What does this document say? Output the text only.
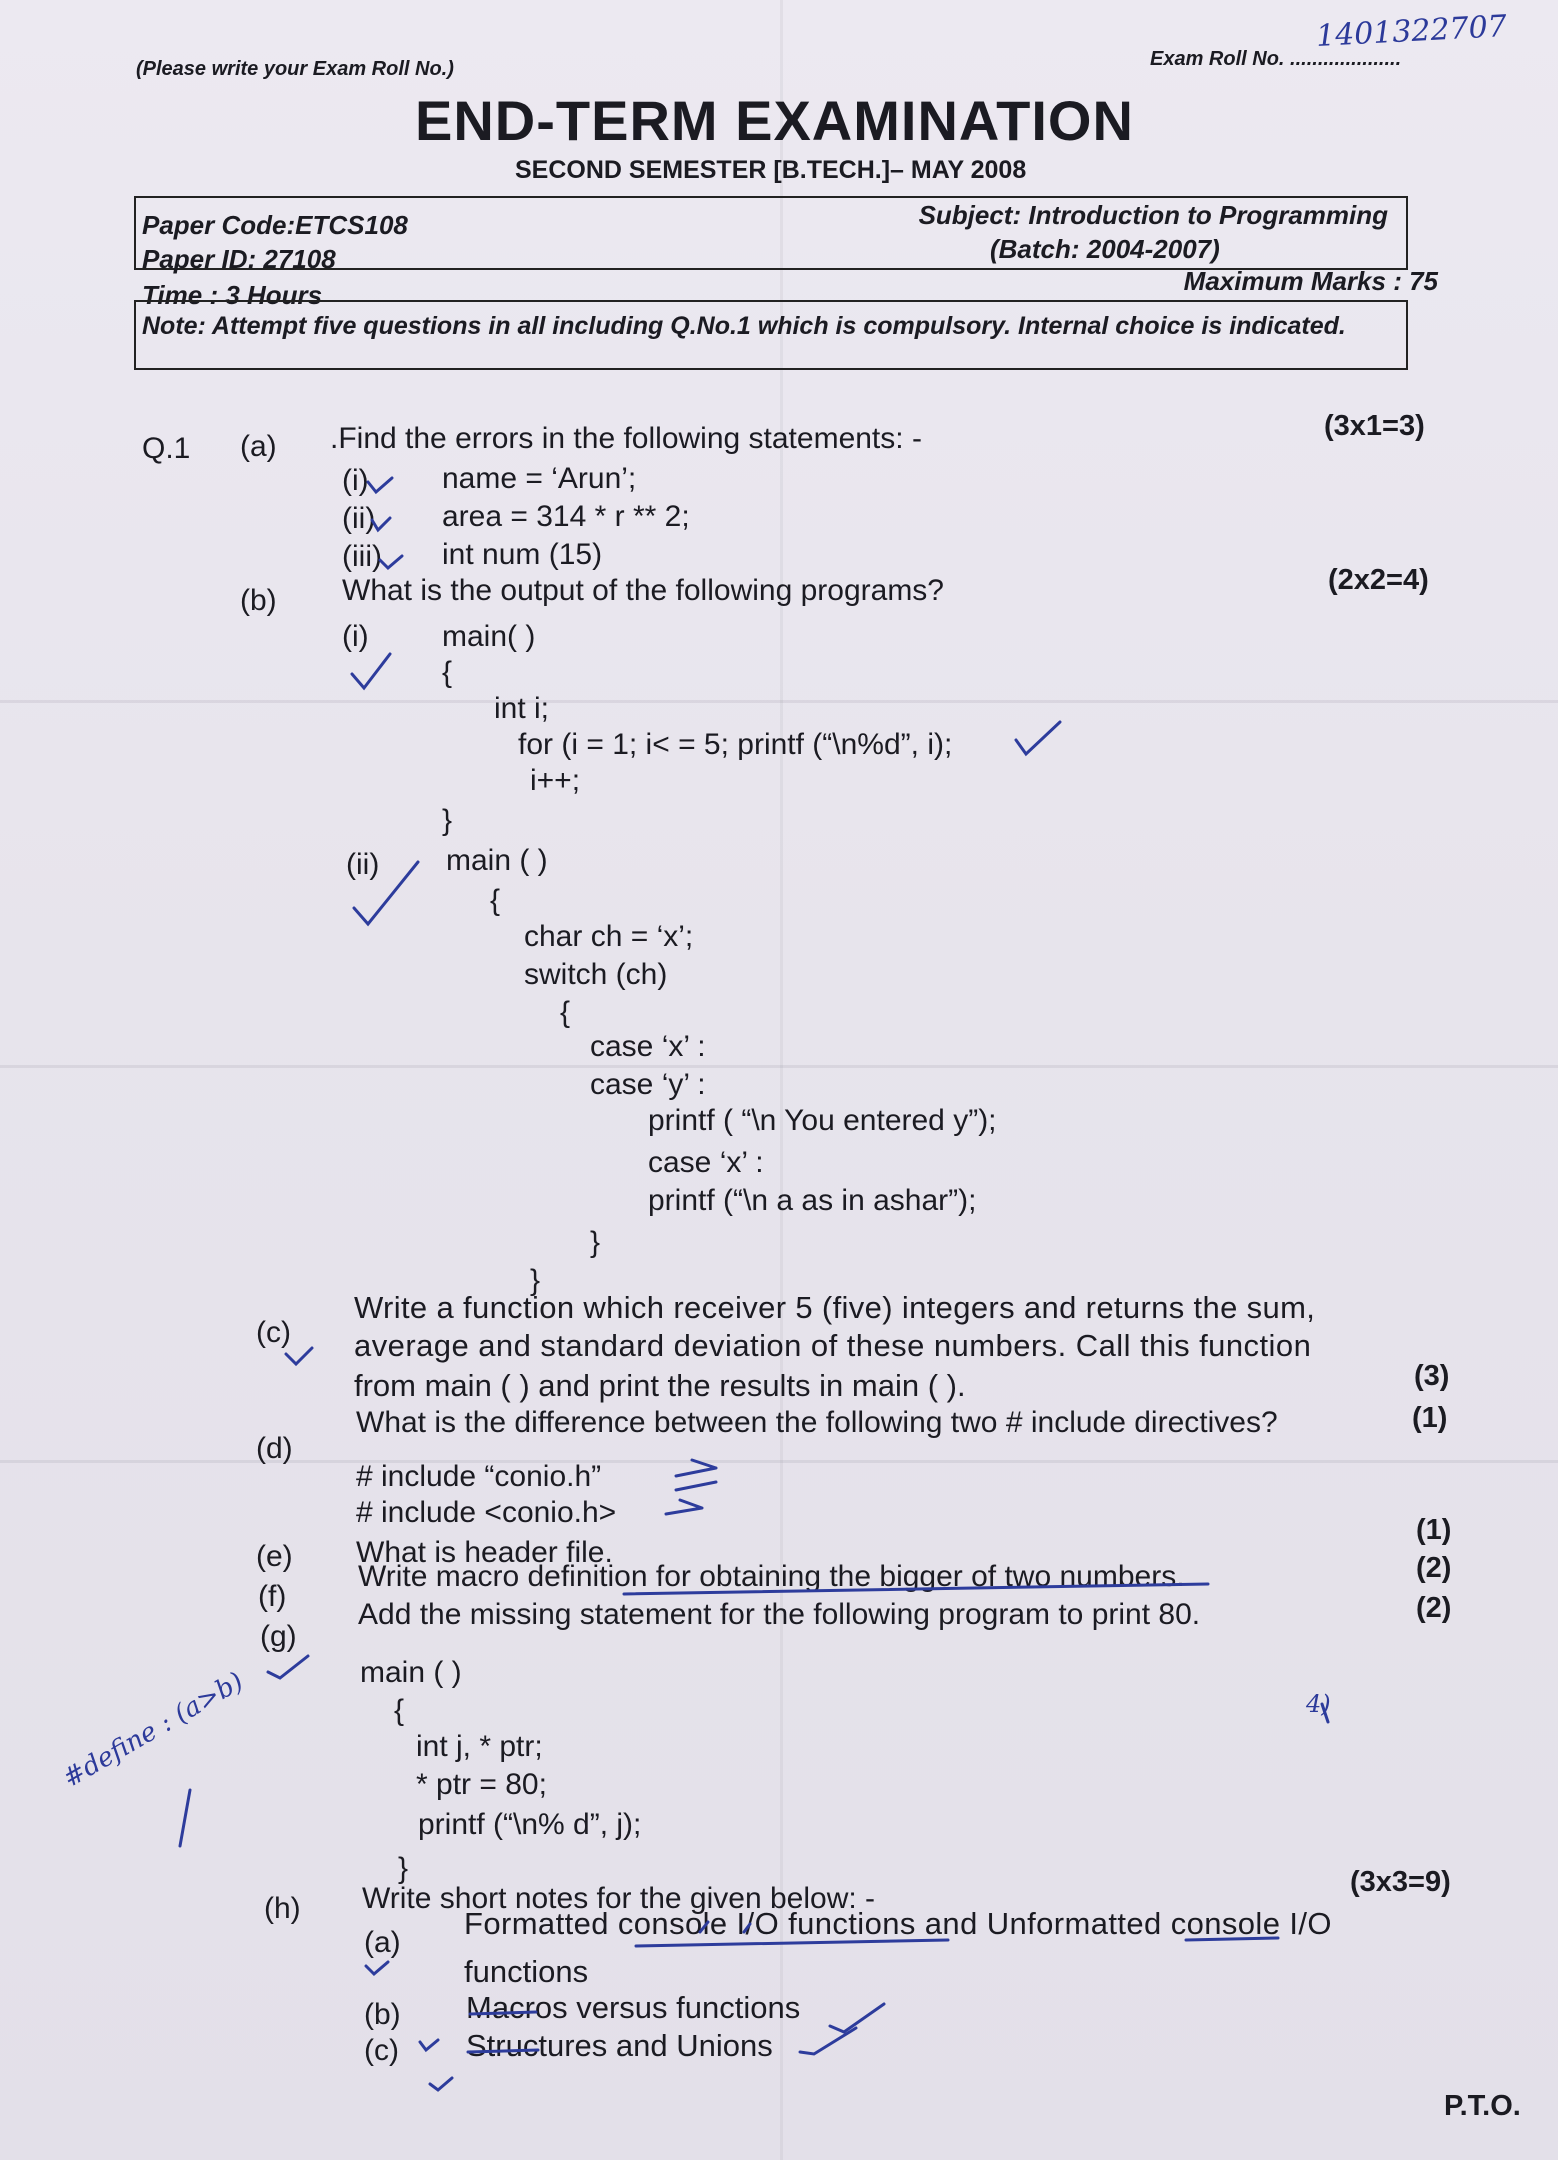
(Please write your Exam Roll No.)	Exam Roll No. ....................
1401322707
END-TERM EXAMINATION
SECOND SEMESTER [B.TECH.]– MAY 2008
Paper Code:ETCS108
Paper ID: 27108
Subject: Introduction to Programming
(Batch: 2004-2007)
Time : 3 Hours	Maximum Marks : 75
Note: Attempt five questions in all including Q.No.1 which is compulsory. Internal choice is indicated.
Q.1 (a) .Find the errors in the following statements: -	(3x1=3)
(i) name = ‘Arun’;
(ii) area = 314 * r ** 2;
(iii) int num (15)
(b) What is the output of the following programs?	(2x2=4)
(i) main( )
{
int i;
for (i = 1; i< = 5; printf (“\n%d”, i);
i++;
}
(ii) main ( )
{
char ch = ‘x’;
switch (ch)
{
case ‘x’ :
case ‘y’ :
printf ( “\n You entered y”);
case ‘x’ :
printf (“\n a as in ashar”);
}
}
(c)
Write a function which receiver 5 (five) integers and returns the sum,
average and standard deviation of these numbers. Call this function
from main ( ) and print the results in main ( ).	(3)
(d)
What is the difference between the following two # include directives?	(1)
# include “conio.h”
# include <conio.h>
(e) What is header file.
(1)
(f)
Write macro definition for obtaining the bigger of two numbers.	(2)
(g)
Add the missing statement for the following program to print 80.	(2)
main ( )
{
int j, * ptr;
* ptr = 80;
printf (“\n% d”, j);
}
(h) Write short notes for the given below: -	(3x3=9)
(a)
Formatted console I/O functions and Unformatted console I/O
functions
(b) Macros versus functions
(c) Structures and Unions
#define : (a>b)	4)
P.T.O.
